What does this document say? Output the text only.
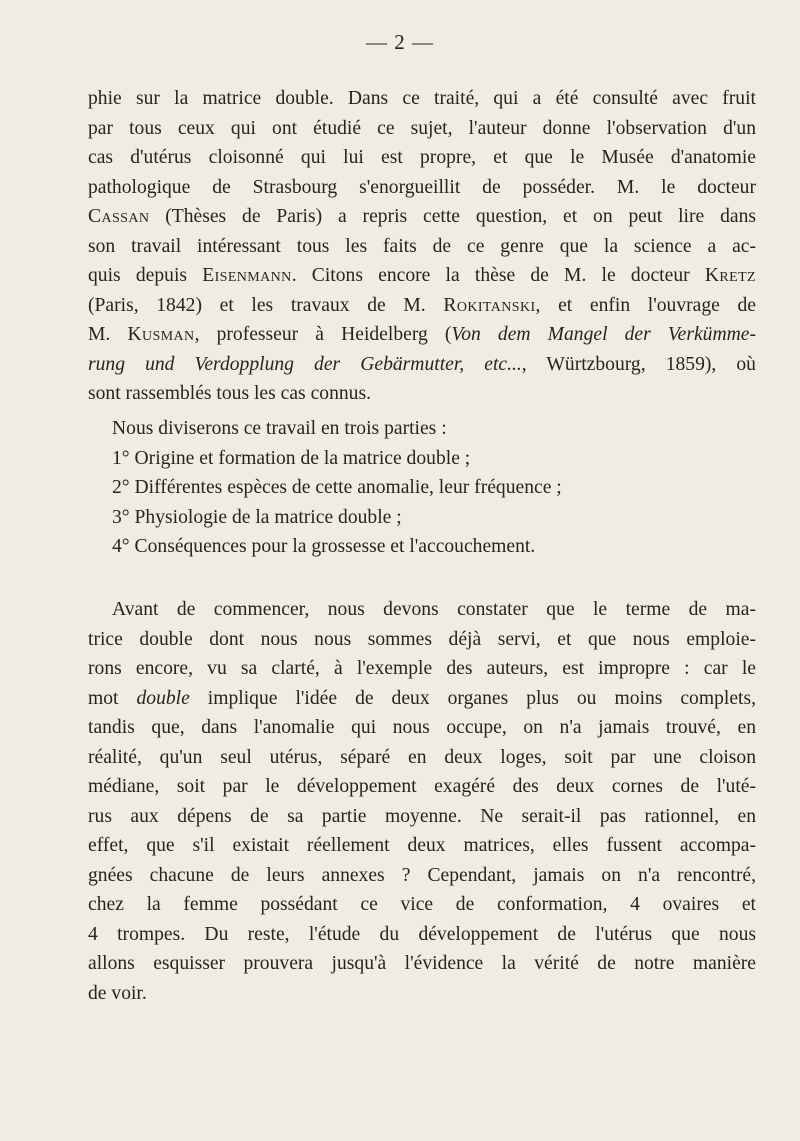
— 2 —
phie sur la matrice double. Dans ce traité, qui a été consulté avec fruit
par tous ceux qui ont étudié ce sujet, l'auteur donne l'observation d'un
cas d'utérus cloisonné qui lui est propre, et que le Musée d'anatomie
pathologique de Strasbourg s'enorgueillit de posséder. M. le docteur
Cassan (Thèses de Paris) a repris cette question, et on peut lire dans
son travail intéressant tous les faits de ce genre que la science a ac-
quis depuis Eisenmann. Citons encore la thèse de M. le docteur Kretz
(Paris, 1842) et les travaux de M. Rokitanski, et enfin l'ouvrage de
M. Kusman, professeur à Heidelberg (Von dem Mangel der Verkümme-
rung und Verdopplung der Gebärmutter, etc..., Würtzbourg, 1859), où
sont rassemblés tous les cas connus.
Nous diviserons ce travail en trois parties :
1° Origine et formation de la matrice double ;
2° Différentes espèces de cette anomalie, leur fréquence ;
3° Physiologie de la matrice double ;
4° Conséquences pour la grossesse et l'accouchement.
Avant de commencer, nous devons constater que le terme de ma-
trice double dont nous nous sommes déjà servi, et que nous emploie-
rons encore, vu sa clarté, à l'exemple des auteurs, est impropre : car le
mot double implique l'idée de deux organes plus ou moins complets,
tandis que, dans l'anomalie qui nous occupe, on n'a jamais trouvé, en
réalité, qu'un seul utérus, séparé en deux loges, soit par une cloison
médiane, soit par le développement exagéré des deux cornes de l'uté-
rus aux dépens de sa partie moyenne. Ne serait-il pas rationnel, en
effet, que s'il existait réellement deux matrices, elles fussent accompa-
gnées chacune de leurs annexes ? Cependant, jamais on n'a rencontré,
chez la femme possédant ce vice de conformation, 4 ovaires et
4 trompes. Du reste, l'étude du développement de l'utérus que nous
allons esquisser prouvera jusqu'à l'évidence la vérité de notre manière
de voir.
